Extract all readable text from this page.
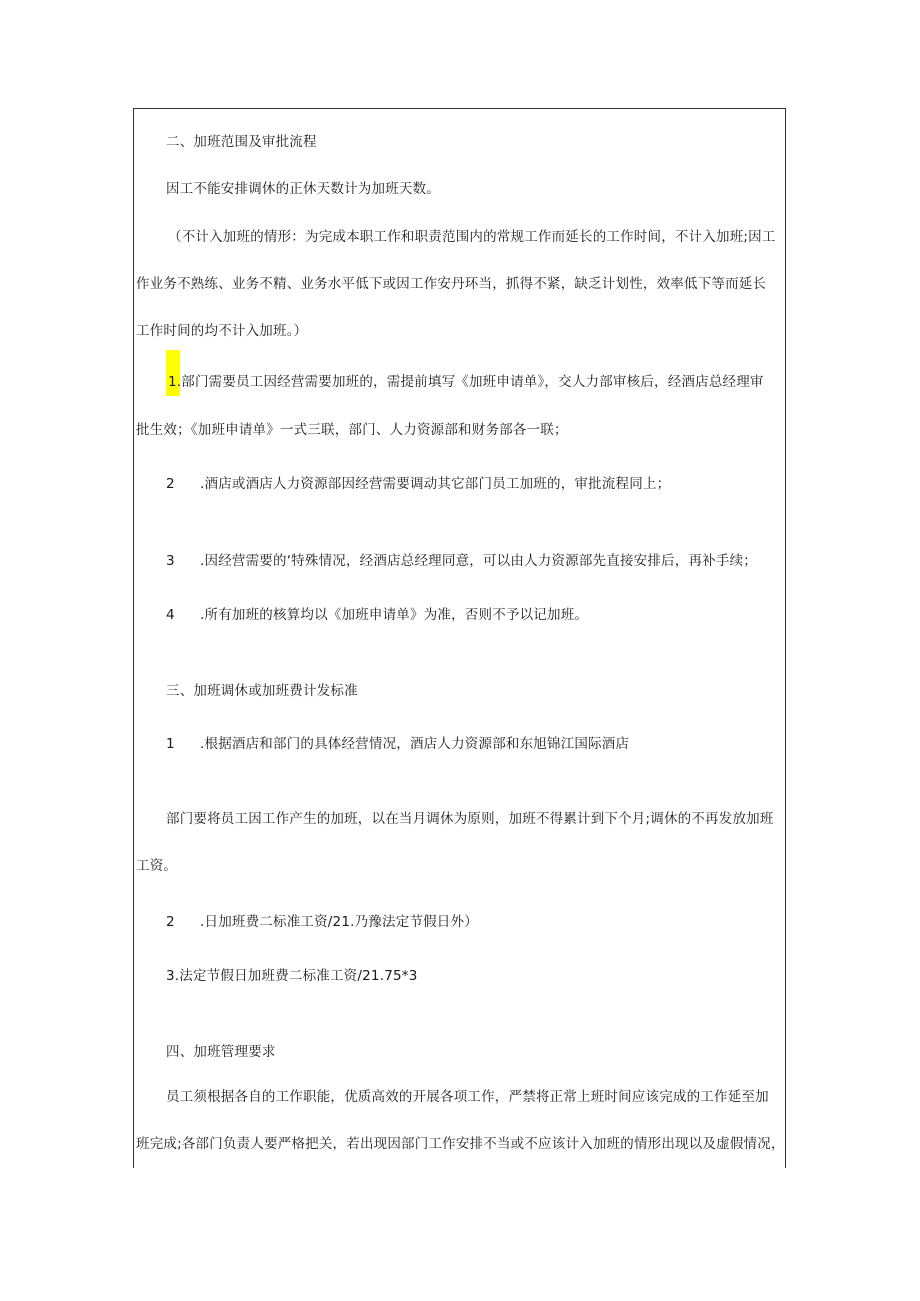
二、加班范围及审批流程
因工不能安排调休的正休天数计为加班天数。
（不计入加班的情形：为完成本职工作和职责范围内的常规工作而延长的工作时间，不计入加班;因工
作业务不熟练、业务不精、业务水平低下或因工作安丹环当，抓得不紧，缺乏计划性，效率低下等而延长
工作时间的均不计入加班。）
1.部门需要员工因经营需要加班的，需提前填写《加班申请单》，交人力部审核后，经酒店总经理审
批生效；《加班申请单》一式三联，部门、人力资源部和财务部各一联；
2 .酒店或酒店人力资源部因经营需要调动其它部门员工加班的，审批流程同上；
3 .因经营需要的‘特殊情况，经酒店总经理同意，可以由人力资源部先直接安排后，再补手续；
4 .所有加班的核算均以《加班申请单》为准，否则不予以记加班。
三、加班调休或加班费计发标准
1 .根据酒店和部门的具体经营情况，酒店人力资源部和东旭锦江国际酒店
部门要将员工因工作产生的加班，以在当月调休为原则，加班不得累计到下个月;调休的不再发放加班
工资。
2 .日加班费二标准工资/21.乃豫法定节假日外）
3.法定节假日加班费二标准工资/21.75*3
四、加班管理要求
员工须根据各自的工作职能，优质高效的开展各项工作，严禁将正常上班时间应该完成的工作延至加
班完成;各部门负责人要严格把关，若出现因部门工作安排不当或不应该计入加班的情形出现以及虚假情况，
